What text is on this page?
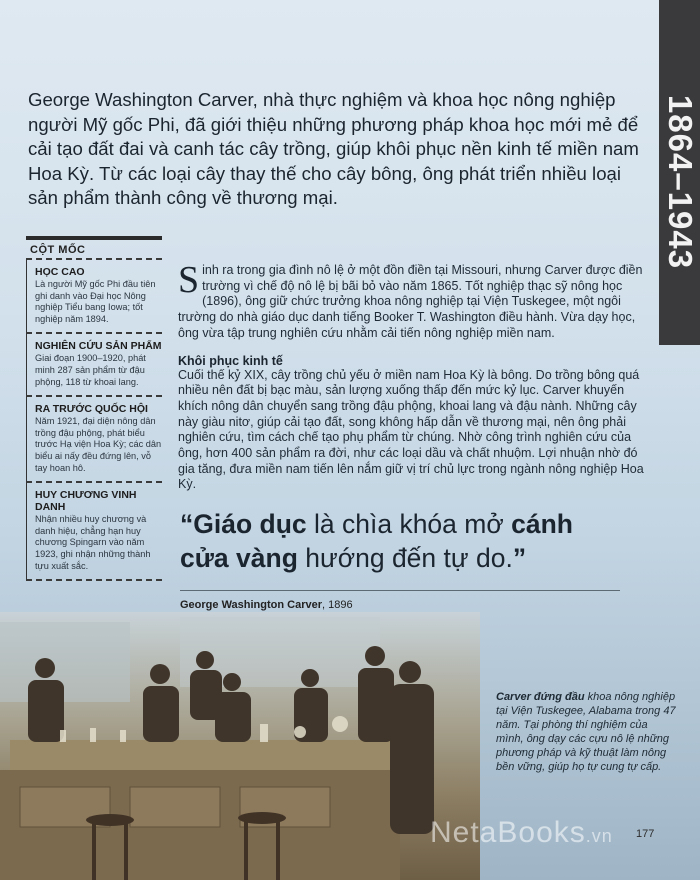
1864–1943

George Washington Carver, nhà thực nghiệm và khoa học nông nghiệp người Mỹ gốc Phi, đã giới thiệu những phương pháp khoa học mới mẻ để cải tạo đất đai và canh tác cây trồng, giúp khôi phục nền kinh tế miền nam Hoa Kỳ. Từ các loại cây thay thế cho cây bông, ông phát triển nhiều loại sản phẩm thành công về thương mại.

CỘT MỐC
HỌC CAO
Là người Mỹ gốc Phi đầu tiên ghi danh vào Đại học Nông nghiệp Tiểu bang Iowa; tốt nghiệp năm 1894.
NGHIÊN CỨU SẢN PHẨM
Giai đoạn 1900–1920, phát minh 287 sản phẩm từ đậu phộng, 118 từ khoai lang.
RA TRƯỚC QUỐC HỘI
Năm 1921, đại diện nông dân trồng đậu phộng, phát biểu trước Hạ viện Hoa Kỳ; các dân biểu ai nấy đều đứng lên, vỗ tay hoan hô.
HUY CHƯƠNG VINH DANH
Nhận nhiều huy chương và danh hiệu, chẳng hạn huy chương Spingarn vào năm 1923, ghi nhận những thành tựu xuất sắc.

Sinh ra trong gia đình nô lệ ở một đồn điền tại Missouri, nhưng Carver được điền trường vì chế độ nô lệ bị bãi bỏ vào năm 1865. Tốt nghiệp thạc sỹ nông học (1896), ông giữ chức trưởng khoa nông nghiệp tại Viện Tuskegee, một ngôi trường do nhà giáo dục danh tiếng Booker T. Washington điều hành. Vừa dạy học, ông vừa tập trung nghiên cứu nhằm cải tiến nông nghiệp miền nam.

Khôi phục kinh tế

Cuối thế kỷ XIX, cây trồng chủ yếu ở miền nam Hoa Kỳ là bông. Do trồng bông quá nhiều nên đất bị bạc màu, sản lượng xuống thấp đến mức kỷ lục. Carver khuyến khích nông dân chuyển sang trồng đậu phộng, khoai lang và đậu nành. Những cây này giàu nitơ, giúp cải tạo đất, song không hấp dẫn về thương mại, nên ông phải nghiên cứu, tìm cách chế tạo phụ phẩm từ chúng. Nhờ công trình nghiên cứu của ông, hơn 400 sản phẩm ra đời, như các loại dầu và chất nhuộm. Lợi nhuận nhờ đó gia tăng, đưa miền nam tiến lên nắm giữ vị trí chủ lực trong ngành nông nghiệp Hoa Kỳ.

“Giáo dục là chìa khóa mở cánh cửa vàng hướng đến tự do.”
George Washington Carver, 1896
Carver đứng đầu khoa nông nghiệp tại Viện Tuskegee, Alabama trong 47 năm. Tại phòng thí nghiệm của mình, ông dạy các cựu nô lệ những phương pháp và kỹ thuật làm nông bền vững, giúp họ tự cung tự cấp.
NetaBooks.vn 177
